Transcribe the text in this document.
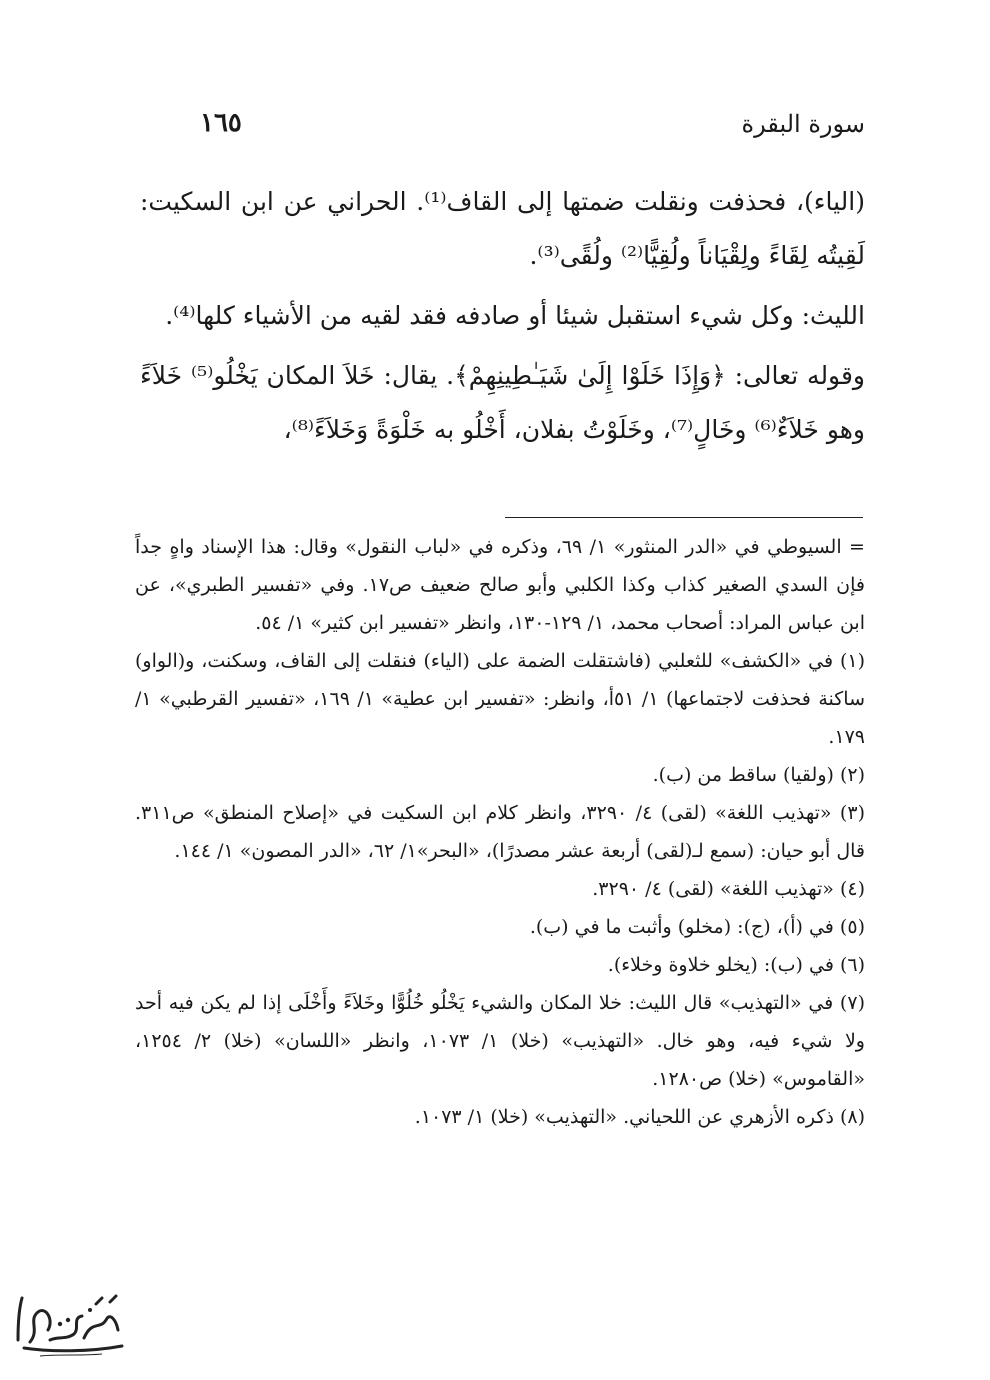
سورة البقرة
١٦٥

(الياء)، فحذفت ونقلت ضمتها إلى القاف⁽¹⁾. الحراني عن ابن السكيت: لَقِيتُه لِقَاءً ولِقْيَاناً ولُقِيًّا⁽²⁾ ولُقًى⁽³⁾.

الليث: وكل شيء استقبل شيئا أو صادفه فقد لقيه من الأشياء كلها⁽⁴⁾.

وقوله تعالى: ﴿وَإِذَا خَلَوْا إِلَىٰ شَيَـٰطِينِهِمْ﴾. يقال: خَلاَ المكان يَخْلُو⁽⁵⁾ خَلاَءً وهو خَلاَءٌ⁽⁶⁾ وخَالٍ⁽⁷⁾، وخَلَوْتُ بفلان، أَخْلُو به خَلْوَةً وَخَلاَءً⁽⁸⁾،

= السيوطي في «الدر المنثور» ١/ ٦٩، وذكره في «لباب النقول» وقال: هذا الإسناد واهٍ جداً فإن السدي الصغير كذاب وكذا الكلبي وأبو صالح ضعيف ص١٧. وفي «تفسير الطبري»، عن ابن عباس المراد: أصحاب محمد، ١/ ١٢٩-١٣٠، وانظر «تفسير ابن كثير» ١/ ٥٤.

(١) في «الكشف» للثعلبي (فاشتقلت الضمة على (الياء) فنقلت إلى القاف، وسكنت، و(الواو) ساكنة فحذفت لاجتماعها) ١/ ٥١أ، وانظر: «تفسير ابن عطية» ١/ ١٦٩، «تفسير القرطبي» ١/ ١٧٩.

(٢) (ولقيا) ساقط من (ب).

(٣) «تهذيب اللغة» (لقى) ٤/ ٣٢٩٠، وانظر كلام ابن السكيت في «إصلاح المنطق» ص٣١١. قال أبو حيان: (سمع لـ(لقى) أربعة عشر مصدرًا)، «البحر»١/ ٦٢، «الدر المصون» ١/ ١٤٤.

(٤) «تهذيب اللغة» (لقى) ٤/ ٣٢٩٠.

(٥) في (أ)، (ج): (مخلو) وأثبت ما في (ب).

(٦) في (ب): (يخلو خلاوة وخلاء).

(٧) في «التهذيب» قال الليث: خلا المكان والشيء يَخْلُو خُلُوًّا وخَلاَءً وأَخْلَى إذا لم يكن فيه أحد ولا شيء فيه، وهو خال. «التهذيب» (خلا) ١/ ١٠٧٣، وانظر «اللسان» (خلا) ٢/ ١٢٥٤، «القاموس» (خلا) ص١٢٨٠.

(٨) ذكره الأزهري عن اللحياني. «التهذيب» (خلا) ١/ ١٠٧٣.
